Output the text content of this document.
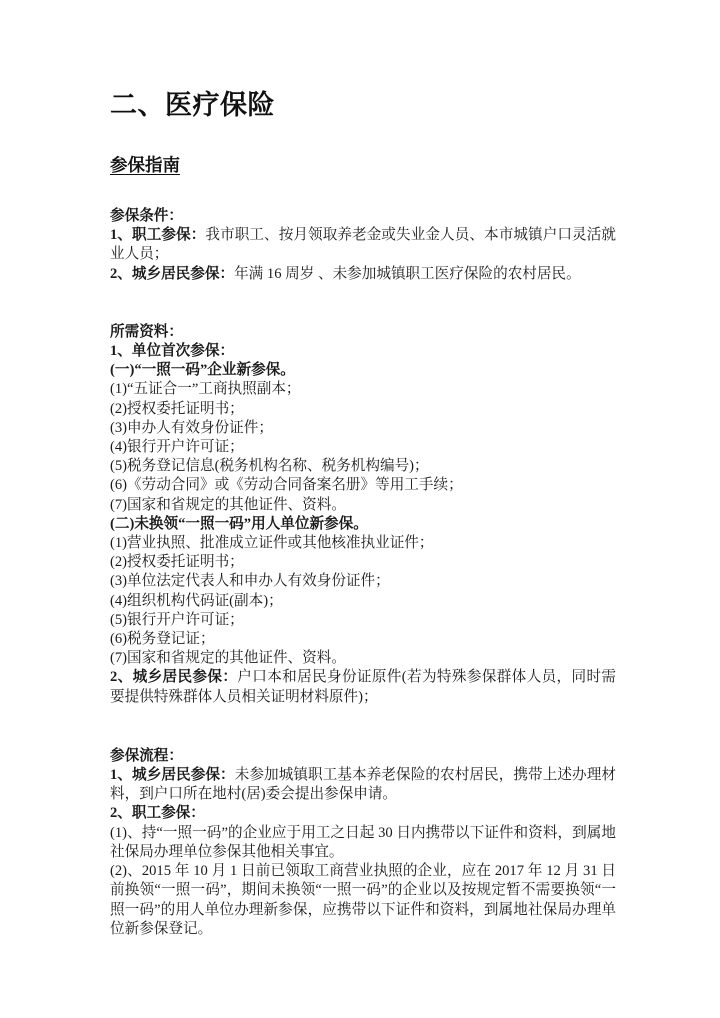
二、医疗保险
参保指南

参保条件：

1、职工参保：我市职工、按月领取养老金或失业金人员、本市城镇户口灵活就业人员；

2、城乡居民参保：年满 16 周岁 、未参加城镇职工医疗保险的农村居民。

所需资料：

1、单位首次参保：

(一)“一照一码”企业新参保。

(1)“五证合一”工商执照副本；

(2)授权委托证明书；

(3)申办人有效身份证件；

(4)银行开户许可证；

(5)税务登记信息(税务机构名称、税务机构编号)；

(6)《劳动合同》或《劳动合同备案名册》等用工手续；

(7)国家和省规定的其他证件、资料。

(二)未换领“一照一码”用人单位新参保。

(1)营业执照、批准成立证件或其他核准执业证件；

(2)授权委托证明书；

(3)单位法定代表人和申办人有效身份证件；

(4)组织机构代码证(副本)；

(5)银行开户许可证；

(6)税务登记证；

(7)国家和省规定的其他证件、资料。

2、城乡居民参保：户口本和居民身份证原件(若为特殊参保群体人员，同时需要提供特殊群体人员相关证明材料原件)；

参保流程：

1、城乡居民参保：未参加城镇职工基本养老保险的农村居民，携带上述办理材料，到户口所在地村(居)委会提出参保申请。

2、职工参保：

(1)、持“一照一码”的企业应于用工之日起 30 日内携带以下证件和资料，到属地社保局办理单位参保其他相关事宜。

(2)、2015 年 10 月 1 日前已领取工商营业执照的企业，应在 2017 年 12 月 31 日前换领“一照一码”，期间未换领“一照一码”的企业以及按规定暂不需要换领“一照一码”的用人单位办理新参保，应携带以下证件和资料，到属地社保局办理单位新参保登记。
